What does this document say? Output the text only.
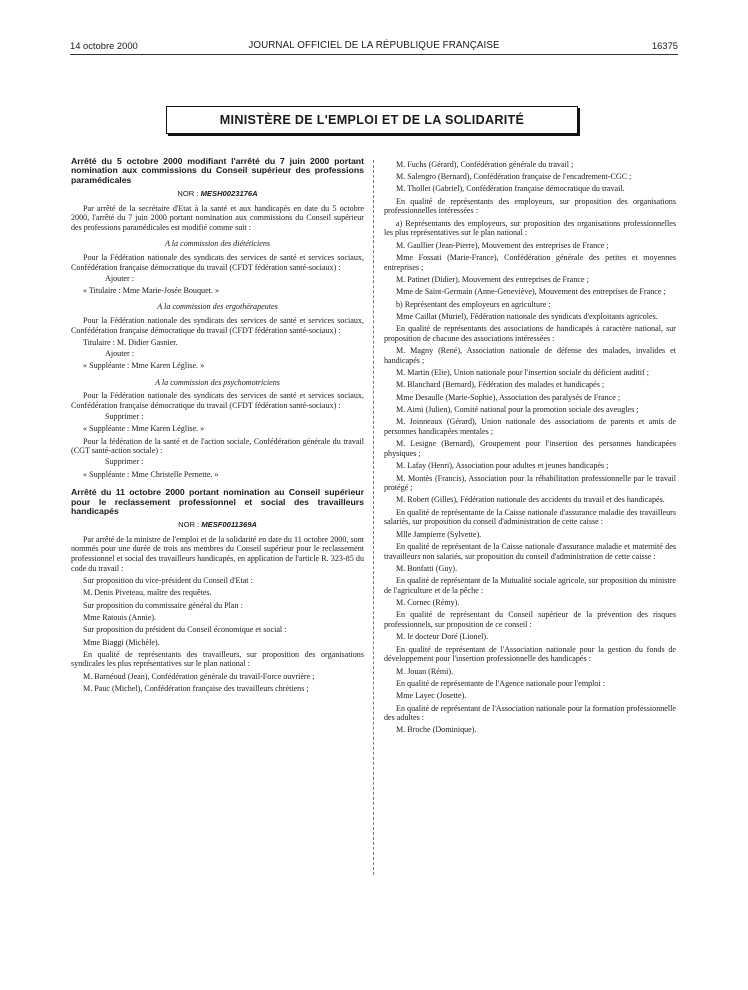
14 octobre 2000	JOURNAL OFFICIEL DE LA RÉPUBLIQUE FRANÇAISE	16375
MINISTÈRE DE L'EMPLOI ET DE LA SOLIDARITÉ

Arrêté du 5 octobre 2000 modifiant l'arrêté du 7 juin 2000 portant nomination aux commissions du Conseil supérieur des professions paramédicales

NOR : MESH0023176A

Par arrêté de la secrétaire d'Etat à la santé et aux handicapés en date du 5 octobre 2000, l'arrêté du 7 juin 2000 portant nomination aux commissions du Conseil supérieur des professions paramédicales est modifié comme suit :

A la commission des diététiciens

Pour la Fédération nationale des syndicats des services de santé et services sociaux, Confédération française démocratique du travail (CFDT fédération santé-sociaux) :

Ajouter :

« Titulaire : Mme Marie-Josée Bouquet. »

A la commission des ergothérapeutes

Pour la Fédération nationale des syndicats des services de santé et services sociaux, Confédération française démocratique du travail (CFDT fédération santé-sociaux) :

Titulaire : M. Didier Gasnier.

Ajouter :

« Suppléante : Mme Karen Léglise. »

A la commission des psychomotriciens

Pour la Fédération nationale des syndicats des services de santé et services sociaux, Confédération française démocratique du travail (CFDT fédération santé-sociaux) :

Supprimer :

« Suppléante : Mme Karen Léglise. »

Pour la fédération de la santé et de l'action sociale, Confédération générale du travail (CGT santé-action sociale) :

Supprimer :

« Suppléante : Mme Christelle Pernette. »

Arrêté du 11 octobre 2000 portant nomination au Conseil supérieur pour le reclassement professionnel et social des travailleurs handicapés

NOR : MESF0011369A

Par arrêté de la ministre de l'emploi et de la solidarité en date du 11 octobre 2000, sont nommés pour une durée de trois ans membres du Conseil supérieur pour le reclassement professionnel et social des travailleurs handicapés, en application de l'article R. 323-85 du code du travail :

Sur proposition du vice-président du Conseil d'Etat :

M. Denis Piveteau, maître des requêtes.

Sur proposition du commissaire général du Plan :

Mme Ratouis (Annie).

Sur proposition du président du Conseil économique et social :

Mme Biaggi (Michèle).

En qualité de représentants des travailleurs, sur proposition des organisations syndicales les plus représentatives sur le plan national :

M. Barnéoud (Jean), Confédération générale du travail-Force ouvrière ;

M. Pauc (Michel), Confédération française des travailleurs chrétiens ;

M. Fuchs (Gérard), Confédération générale du travail ;

M. Salengro (Bernard), Confédération française de l'encadrement-CGC ;

M. Thollet (Gabriel), Confédération française démocratique du travail.

En qualité de représentants des employeurs, sur proposition des organisations professionnelles intéressées :

a) Représentants des employeurs, sur proposition des organisations professionnelles les plus représentatives sur le plan national :

M. Gaullier (Jean-Pierre), Mouvement des entreprises de France ;

Mme Fossati (Marie-France), Confédération générale des petites et moyennes entreprises ;

M. Patinet (Didier), Mouvement des entreprises de France ;

Mme de Saint-Germain (Anne-Geneviève), Mouvement des entreprises de France ;

b) Représentant des employeurs en agriculture :

Mme Caillat (Muriel), Fédération nationale des syndicats d'exploitants agricoles.

En qualité de représentants des associations de handicapés à caractère national, sur proposition de chacune des associations intéressées :

M. Magny (René), Association nationale de défense des malades, invalides et handicapés ;

M. Martin (Elie), Union nationale pour l'insertion sociale du déficient auditif ;

M. Blanchard (Bernard), Fédération des malades et handicapés ;

Mme Desaulle (Marie-Sophie), Association des paralysés de France ;

M. Aimi (Julien), Comité national pour la promotion sociale des aveugles ;

M. Joinneaux (Gérard), Union nationale des associations de parents et amis de personnes handicapées mentales ;

M. Lesigne (Bernard), Groupement pour l'insertion des personnes handicapées physiques ;

M. Lafay (Henri), Association pour adultes et jeunes handicapés ;

M. Montès (Francis), Association pour la réhabilitation professionnelle par le travail protégé ;

M. Robert (Gilles), Fédération nationale des accidents du travail et des handicapés.

En qualité de représentante de la Caisse nationale d'assurance maladie des travailleurs salariés, sur proposition du conseil d'administration de cette caisse :

Mlle Jampierre (Sylvette).

En qualité de représentant de la Caisse nationale d'assurance maladie et maternité des travailleurs non salariés, sur proposition du conseil d'administration de cette caisse :

M. Bonfatti (Guy).

En qualité de représentant de la Mutualité sociale agricole, sur proposition du ministre de l'agriculture et de la pêche :

M. Cornec (Rémy).

En qualité de représentant du Conseil supérieur de la prévention des risques professionnels, sur proposition de ce conseil :

M. le docteur Doré (Lionel).

En qualité de représentant de l'Association nationale pour la gestion du fonds de développement pour l'insertion professionnelle des handicapés :

M. Jouan (Rémi).

En qualité de représentante de l'Agence nationale pour l'emploi :

Mme Layec (Josette).

En qualité de représentant de l'Association nationale pour la formation professionnelle des adultes :

M. Broche (Dominique).
